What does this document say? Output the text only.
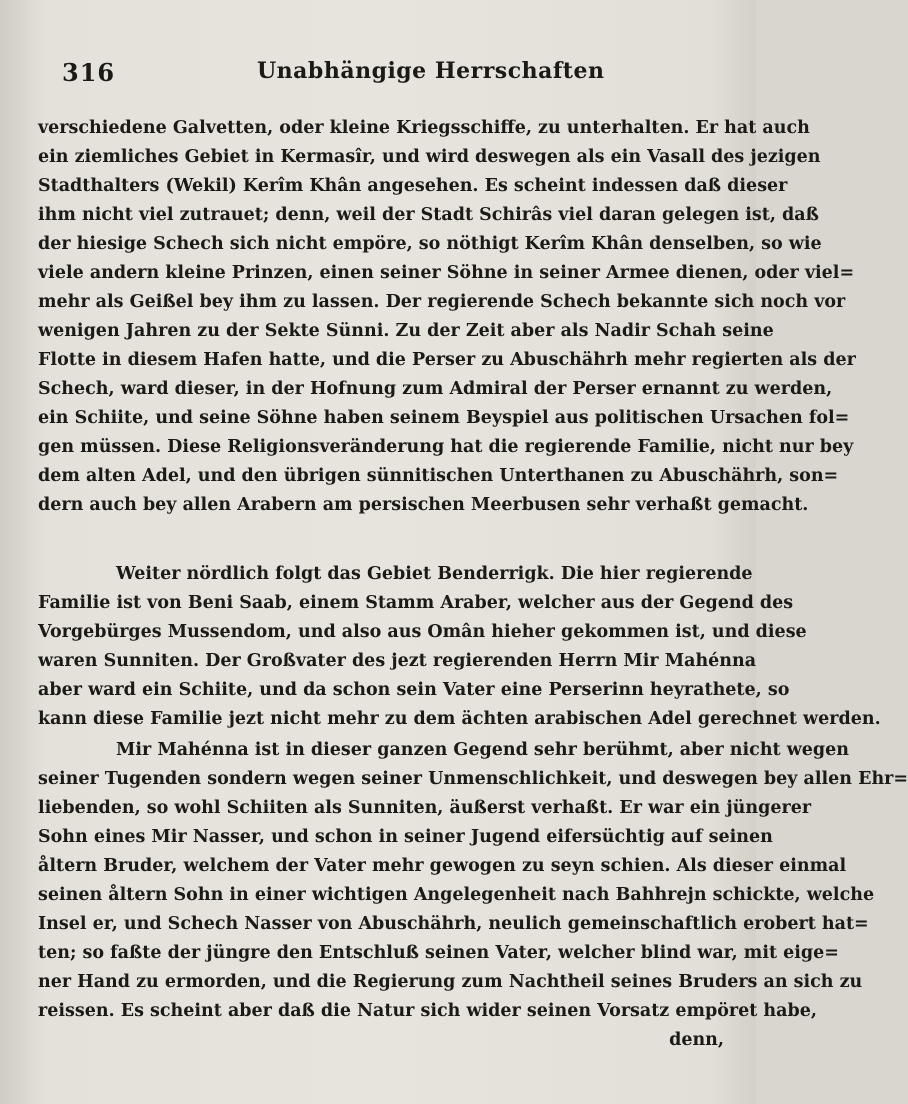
316	Unabhängige Herrschaften
verschiedene Galvetten, oder kleine Kriegsschiffe, zu unterhalten. Er hat auch
ein ziemliches Gebiet in Kermasîr, und wird deswegen als ein Vasall des jezigen
Stadthalters (Wekil) Kerîm Khân angesehen. Es scheint indessen daß dieser
ihm nicht viel zutrauet; denn, weil der Stadt Schirâs viel daran gelegen ist, daß
der hiesige Schech sich nicht empöre, so nöthigt Kerîm Khân denselben, so wie
viele andern kleine Prinzen, einen seiner Söhne in seiner Armee dienen, oder viel=
mehr als Geißel bey ihm zu lassen. Der regierende Schech bekannte sich noch vor
wenigen Jahren zu der Sekte Sünni. Zu der Zeit aber als Nadir Schah seine
Flotte in diesem Hafen hatte, und die Perser zu Abuschährh mehr regierten als der
Schech, ward dieser, in der Hofnung zum Admiral der Perser ernannt zu werden,
ein Schiite, und seine Söhne haben seinem Beyspiel aus politischen Ursachen fol=
gen müssen. Diese Religionsveränderung hat die regierende Familie, nicht nur bey
dem alten Adel, und den übrigen sünnitischen Unterthanen zu Abuschährh, son=
dern auch bey allen Arabern am persischen Meerbusen sehr verhaßt gemacht.
Weiter nördlich folgt das Gebiet Benderrigk. Die hier regierende
Familie ist von Beni Saab, einem Stamm Araber, welcher aus der Gegend des
Vorgebürges Mussendom, und also aus Omân hieher gekommen ist, und diese
waren Sunniten. Der Großvater des jezt regierenden Herrn Mir Mahénna
aber ward ein Schiite, und da schon sein Vater eine Perserinn heyrathete, so
kann diese Familie jezt nicht mehr zu dem ächten arabischen Adel gerechnet werden.
Mir Mahénna ist in dieser ganzen Gegend sehr berühmt, aber nicht wegen
seiner Tugenden sondern wegen seiner Unmenschlichkeit, und deswegen bey allen Ehr=
liebenden, so wohl Schiiten als Sunniten, äußerst verhaßt. Er war ein jüngerer
Sohn eines Mir Nasser, und schon in seiner Jugend eifersüchtig auf seinen
åltern Bruder, welchem der Vater mehr gewogen zu seyn schien. Als dieser einmal
seinen åltern Sohn in einer wichtigen Angelegenheit nach Bahhrejn schickte, welche
Insel er, und Schech Nasser von Abuschährh, neulich gemeinschaftlich erobert hat=
ten; so faßte der jüngre den Entschluß seinen Vater, welcher blind war, mit eige=
ner Hand zu ermorden, und die Regierung zum Nachtheil seines Bruders an sich zu
reissen. Es scheint aber daß die Natur sich wider seinen Vorsatz empöret habe,
denn,
